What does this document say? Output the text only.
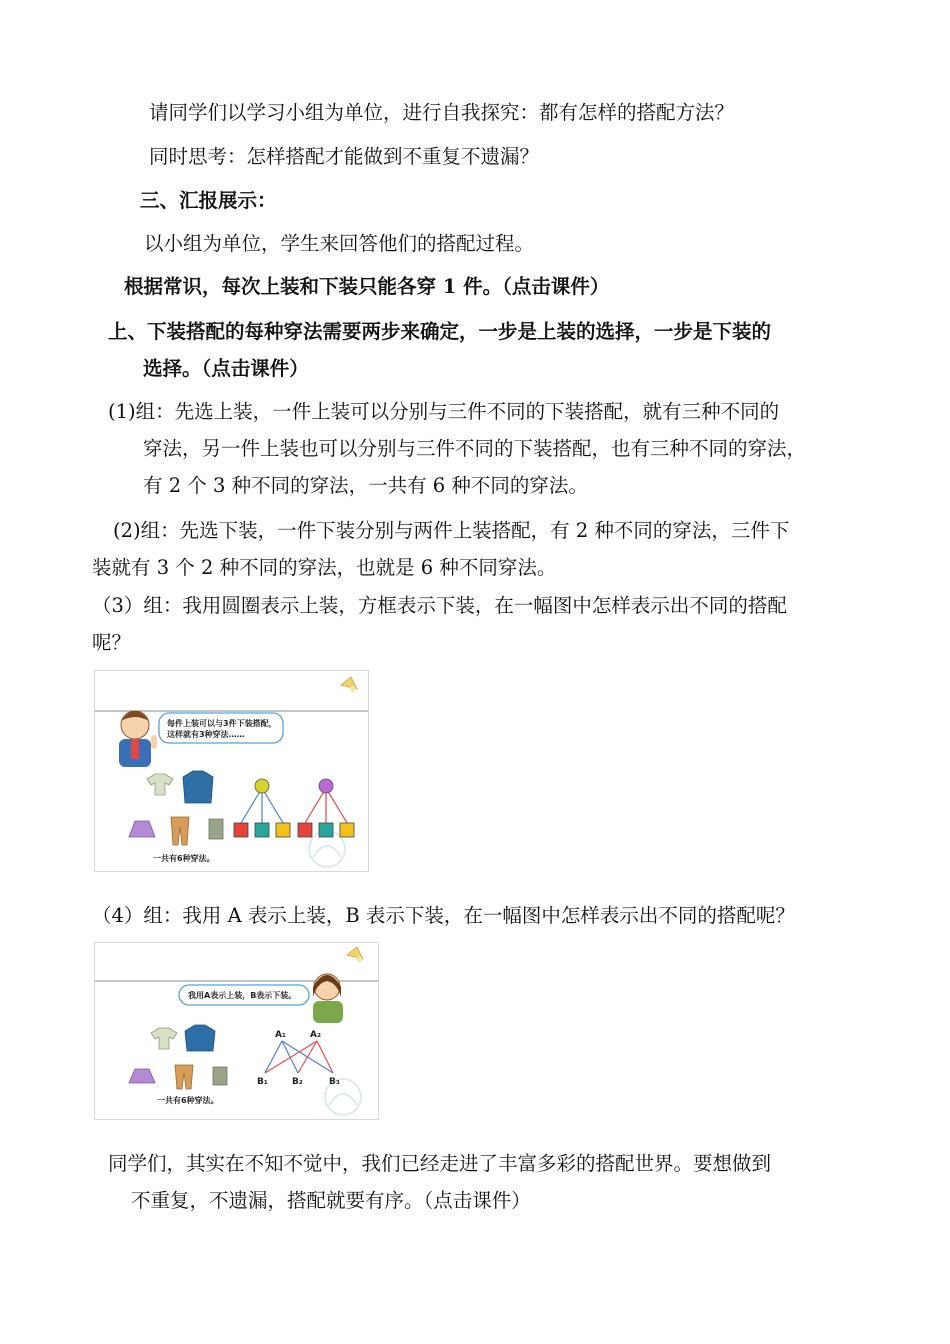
请同学们以学习小组为单位，进行自我探究：都有怎样的搭配方法？
同时思考：怎样搭配才能做到不重复不遗漏？
三、汇报展示：
以小组为单位，学生来回答他们的搭配过程。
根据常识，每次上装和下装只能各穿 1 件。（点击课件）
上、下装搭配的每种穿法需要两步来确定，一步是上装的选择，一步是下装的
选择。（点击课件）
(1)组：先选上装，一件上装可以分别与三件不同的下装搭配，就有三种不同的
穿法，另一件上装也可以分别与三件不同的下装搭配，也有三种不同的穿法，
有 2 个 3 种不同的穿法，一共有 6 种不同的穿法。
(2)组：先选下装，一件下装分别与两件上装搭配，有 2 种不同的穿法，三件下
装就有 3 个 2 种不同的穿法，也就是 6 种不同穿法。
（3）组：我用圆圈表示上装，方框表示下装，在一幅图中怎样表示出不同的搭配
呢？
每件上装可以与3件下装搭配，
这样就有3种穿法……
一共有6种穿法。
（4）组：我用 A 表示上装，B 表示下装，在一幅图中怎样表示出不同的搭配呢？
我用A表示上装，B表示下装。
A₁	A₂
B₁	B₂	B₃
一共有6种穿法。
同学们，其实在不知不觉中，我们已经走进了丰富多彩的搭配世界。要想做到
不重复，不遗漏，搭配就要有序。（点击课件）
